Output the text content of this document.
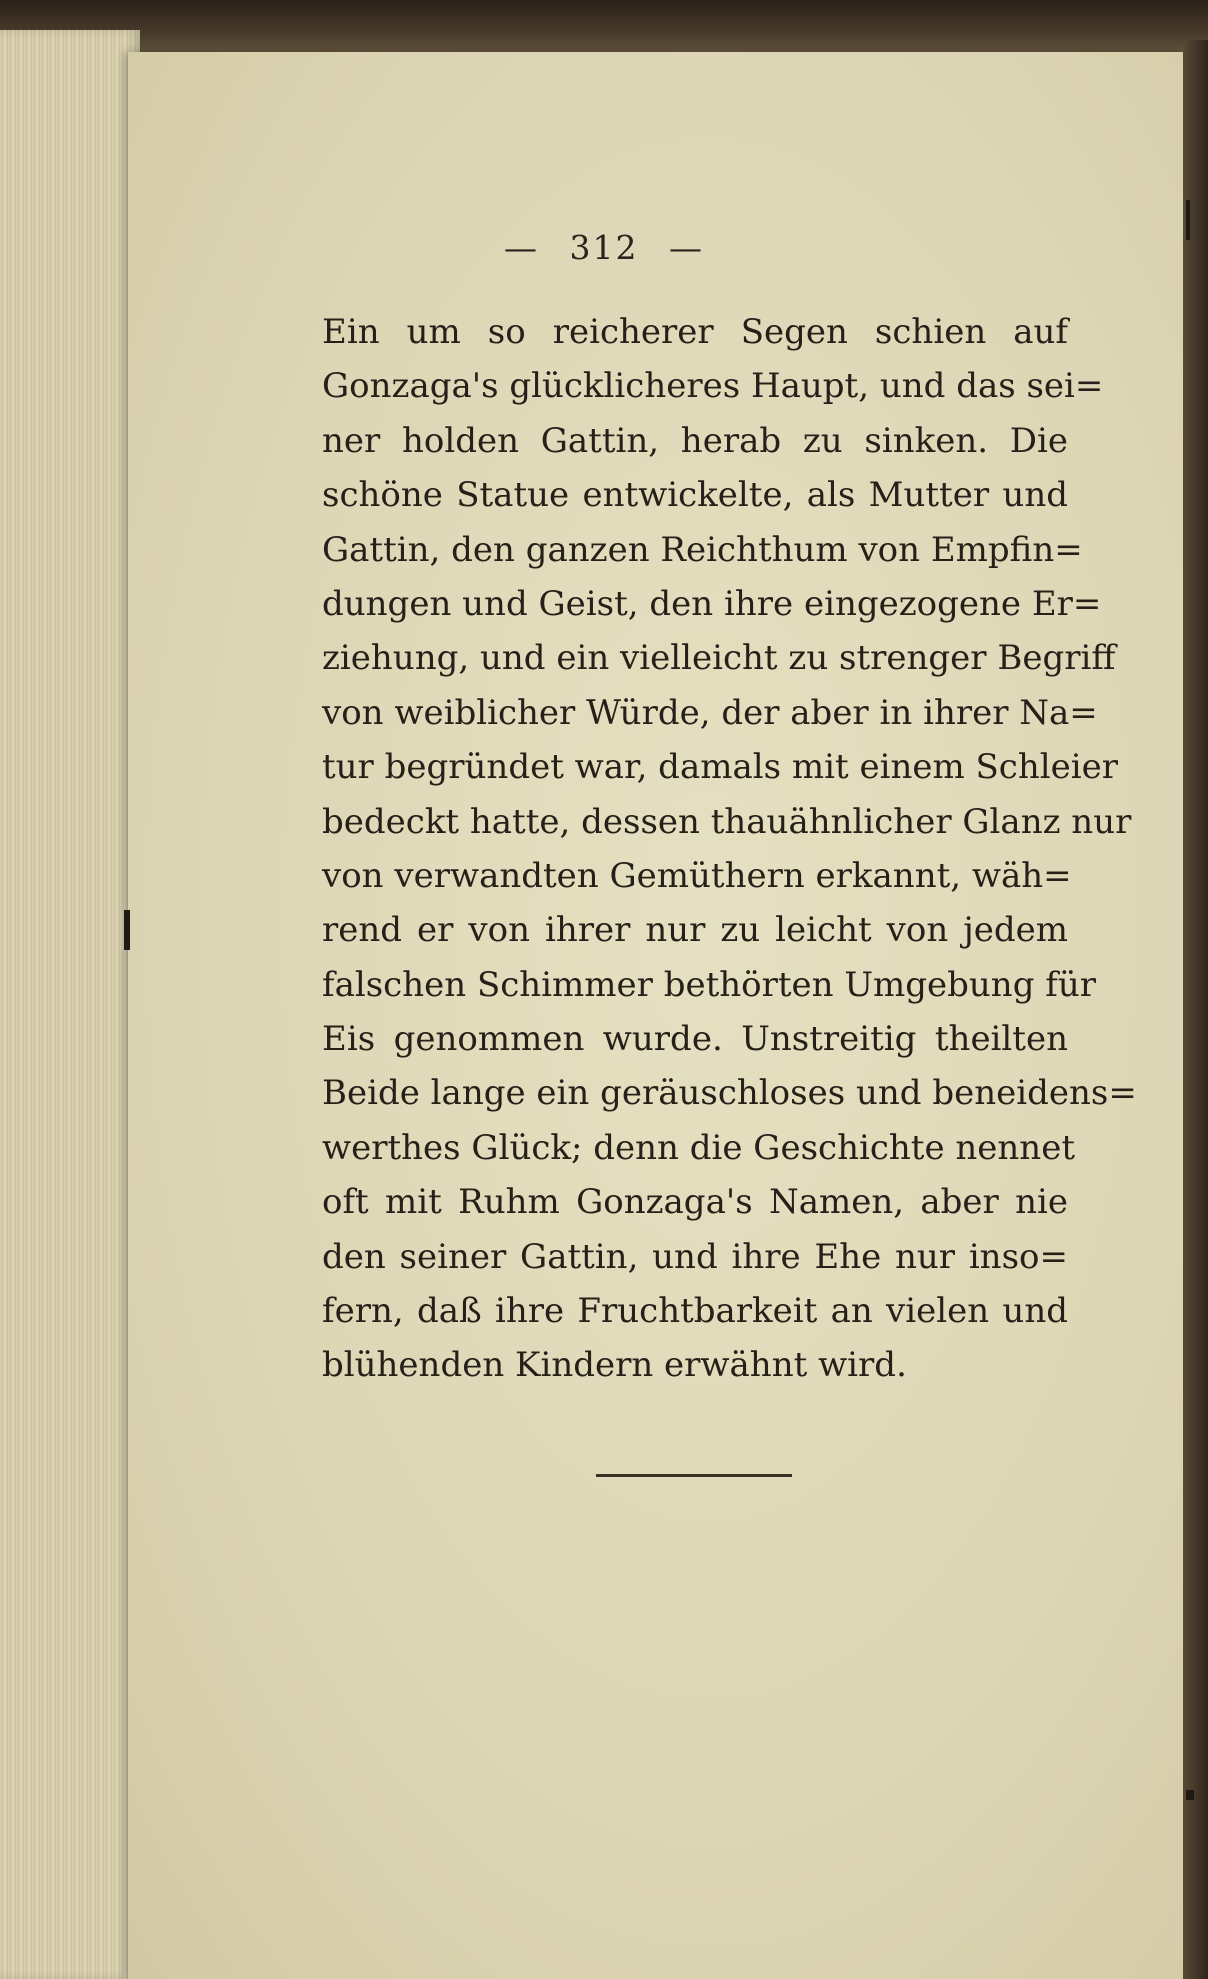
— 312 —
Ein um so reicherer Segen schien auf
Gonzaga's glücklicheres Haupt, und das sei=
ner holden Gattin, herab zu sinken. Die
schöne Statue entwickelte, als Mutter und
Gattin, den ganzen Reichthum von Empfin=
dungen und Geist, den ihre eingezogene Er=
ziehung, und ein vielleicht zu strenger Begriff
von weiblicher Würde, der aber in ihrer Na=
tur begründet war, damals mit einem Schleier
bedeckt hatte, dessen thauähnlicher Glanz nur
von verwandten Gemüthern erkannt, wäh=
rend er von ihrer nur zu leicht von jedem
falschen Schimmer bethörten Umgebung für
Eis genommen wurde. Unstreitig theilten
Beide lange ein geräuschloses und beneidens=
werthes Glück; denn die Geschichte nennet
oft mit Ruhm Gonzaga's Namen, aber nie
den seiner Gattin, und ihre Ehe nur inso=
fern, daß ihre Fruchtbarkeit an vielen und
blühenden Kindern erwähnt wird.
